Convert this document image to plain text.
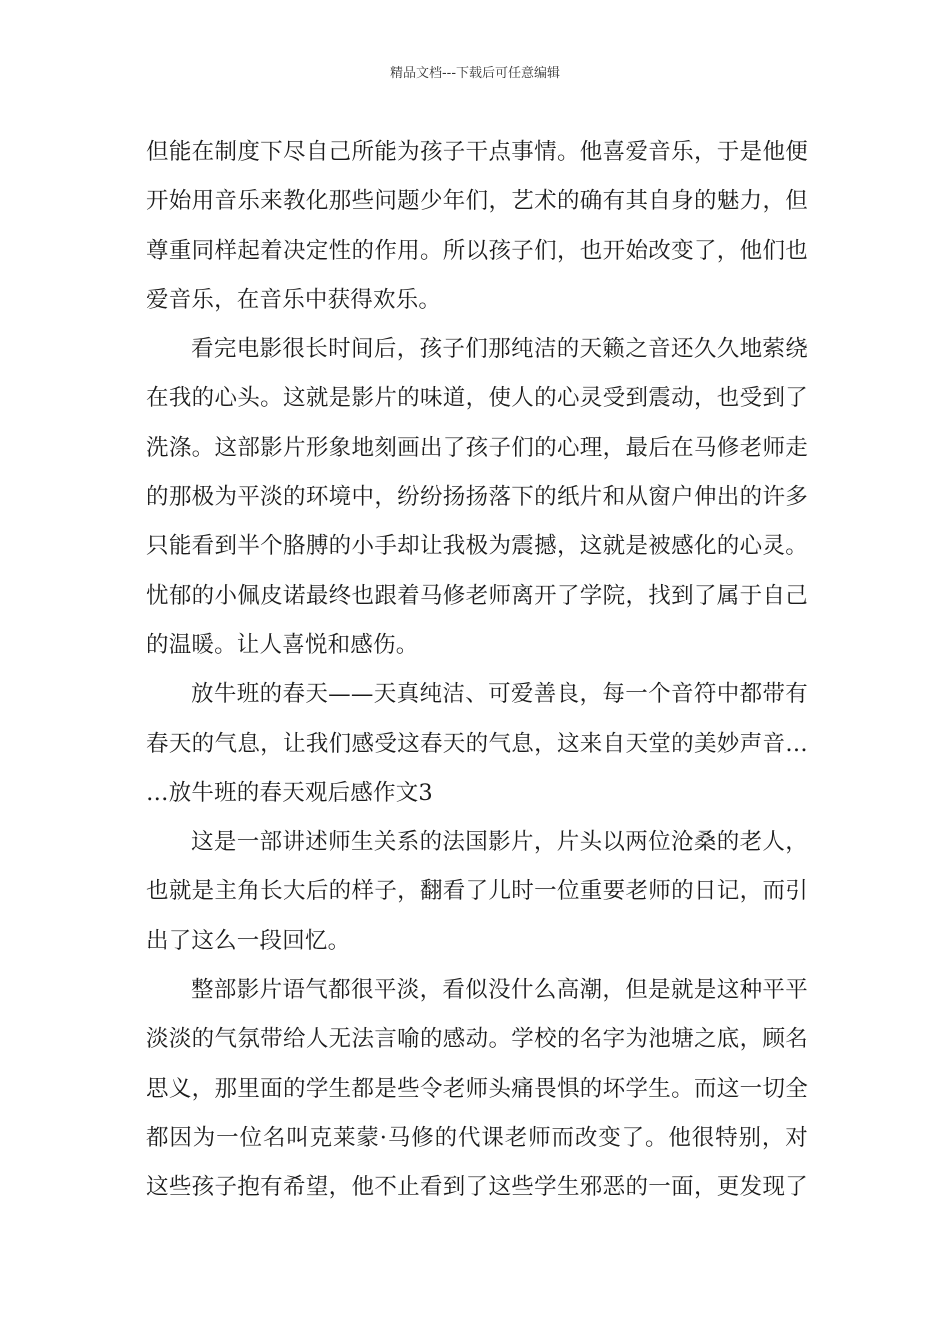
精品文档---下载后可任意编辑
但能在制度下尽自己所能为孩子干点事情。他喜爱音乐，于是他便
开始用音乐来教化那些问题少年们，艺术的确有其自身的魅力，但
尊重同样起着决定性的作用。所以孩子们，也开始改变了，他们也
爱音乐，在音乐中获得欢乐。
看完电影很长时间后，孩子们那纯洁的天籁之音还久久地萦绕
在我的心头。这就是影片的味道，使人的心灵受到震动，也受到了
洗涤。这部影片形象地刻画出了孩子们的心理，最后在马修老师走
的那极为平淡的环境中，纷纷扬扬落下的纸片和从窗户伸出的许多
只能看到半个胳膊的小手却让我极为震撼，这就是被感化的心灵。
忧郁的小佩皮诺最终也跟着马修老师离开了学院，找到了属于自己
的温暖。让人喜悦和感伤。
放牛班的春天——天真纯洁、可爱善良，每一个音符中都带有
春天的气息，让我们感受这春天的气息，这来自天堂的美妙声音…
…放牛班的春天观后感作文3
这是一部讲述师生关系的法国影片，片头以两位沧桑的老人，
也就是主角长大后的样子，翻看了儿时一位重要老师的日记，而引
出了这么一段回忆。
整部影片语气都很平淡，看似没什么高潮，但是就是这种平平
淡淡的气氛带给人无法言喻的感动。学校的名字为池塘之底，顾名
思义，那里面的学生都是些令老师头痛畏惧的坏学生。而这一切全
都因为一位名叫克莱蒙·马修的代课老师而改变了。他很特别，对
这些孩子抱有希望，他不止看到了这些学生邪恶的一面，更发现了
